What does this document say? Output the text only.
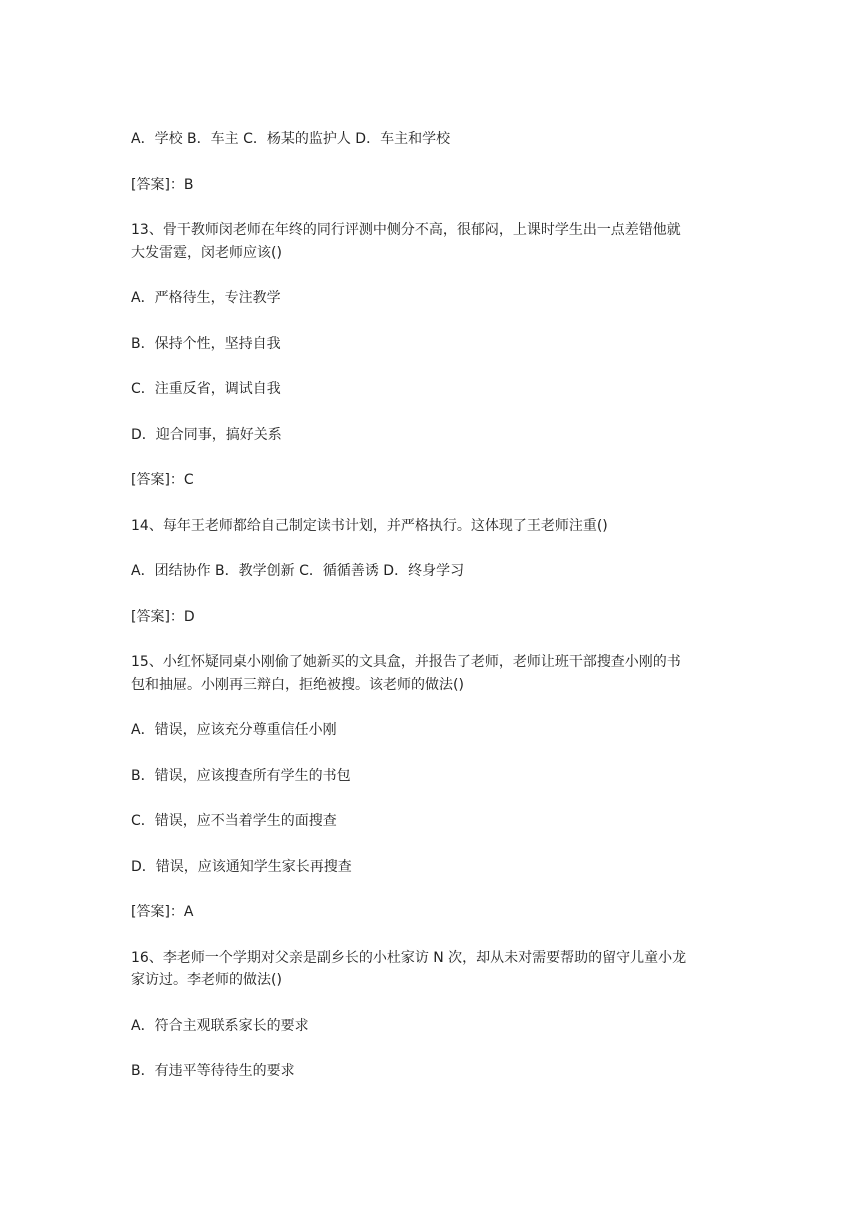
A．学校 B．车主 C．杨某的监护人 D．车主和学校

[答案]：B

13、骨干教师闵老师在年终的同行评测中侧分不高，很郁闷，上课时学生出一点差错他就

大发雷霆，闵老师应该()

A．严格待生，专注教学

B．保持个性，坚持自我

C．注重反省，调试自我

D．迎合同事，搞好关系

[答案]：C

14、每年王老师都给自己制定读书计划，并严格执行。这体现了王老师注重()

A．团结协作 B．教学创新 C．循循善诱 D．终身学习

[答案]：D

15、小红怀疑同桌小刚偷了她新买的文具盒，并报告了老师，老师让班干部搜查小刚的书

包和抽屉。小刚再三辩白，拒绝被搜。该老师的做法()

A．错误，应该充分尊重信任小刚

B．错误，应该搜查所有学生的书包

C．错误，应不当着学生的面搜查

D．错误，应该通知学生家长再搜查

[答案]：A

16、李老师一个学期对父亲是副乡长的小杜家访 N 次，却从未对需要帮助的留守儿童小龙

家访过。李老师的做法()

A．符合主观联系家长的要求

B．有违平等待待生的要求
